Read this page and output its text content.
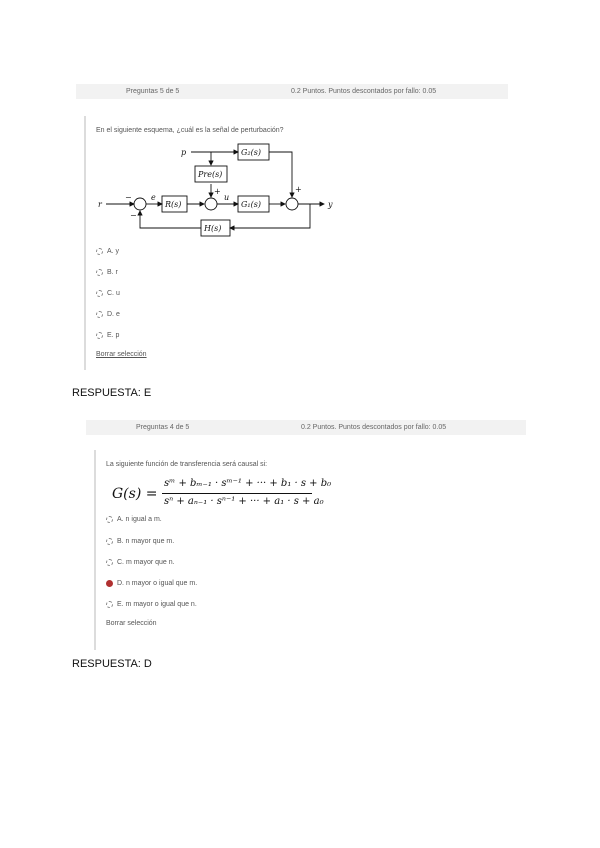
Preguntas 5 de 5	0.2 Puntos. Puntos descontados por fallo: 0.05
En el siguiente esquema, ¿cuál es la señal de perturbación?
p	G₂(s)
Pre(s)
R(s)	G₁(s)
H(s)
r
e	u
y
−
−
+	+
A. y
B. r
C. u
D. e
E. p
Borrar selección
RESPUESTA: E
Preguntas 4 de 5	0.2 Puntos. Puntos descontados por fallo: 0.05
La siguiente función de transferencia será causal si:
G(s) =
sᵐ + bₘ₋₁ · sᵐ⁻¹ + ··· + b₁ · s + b₀
sⁿ + aₙ₋₁ · sⁿ⁻¹ + ··· + a₁ · s + a₀
A. n igual a m.
B. n mayor que m.
C. m mayor que n.
D. n mayor o igual que m.
E. m mayor o igual que n.
Borrar selección
RESPUESTA: D
